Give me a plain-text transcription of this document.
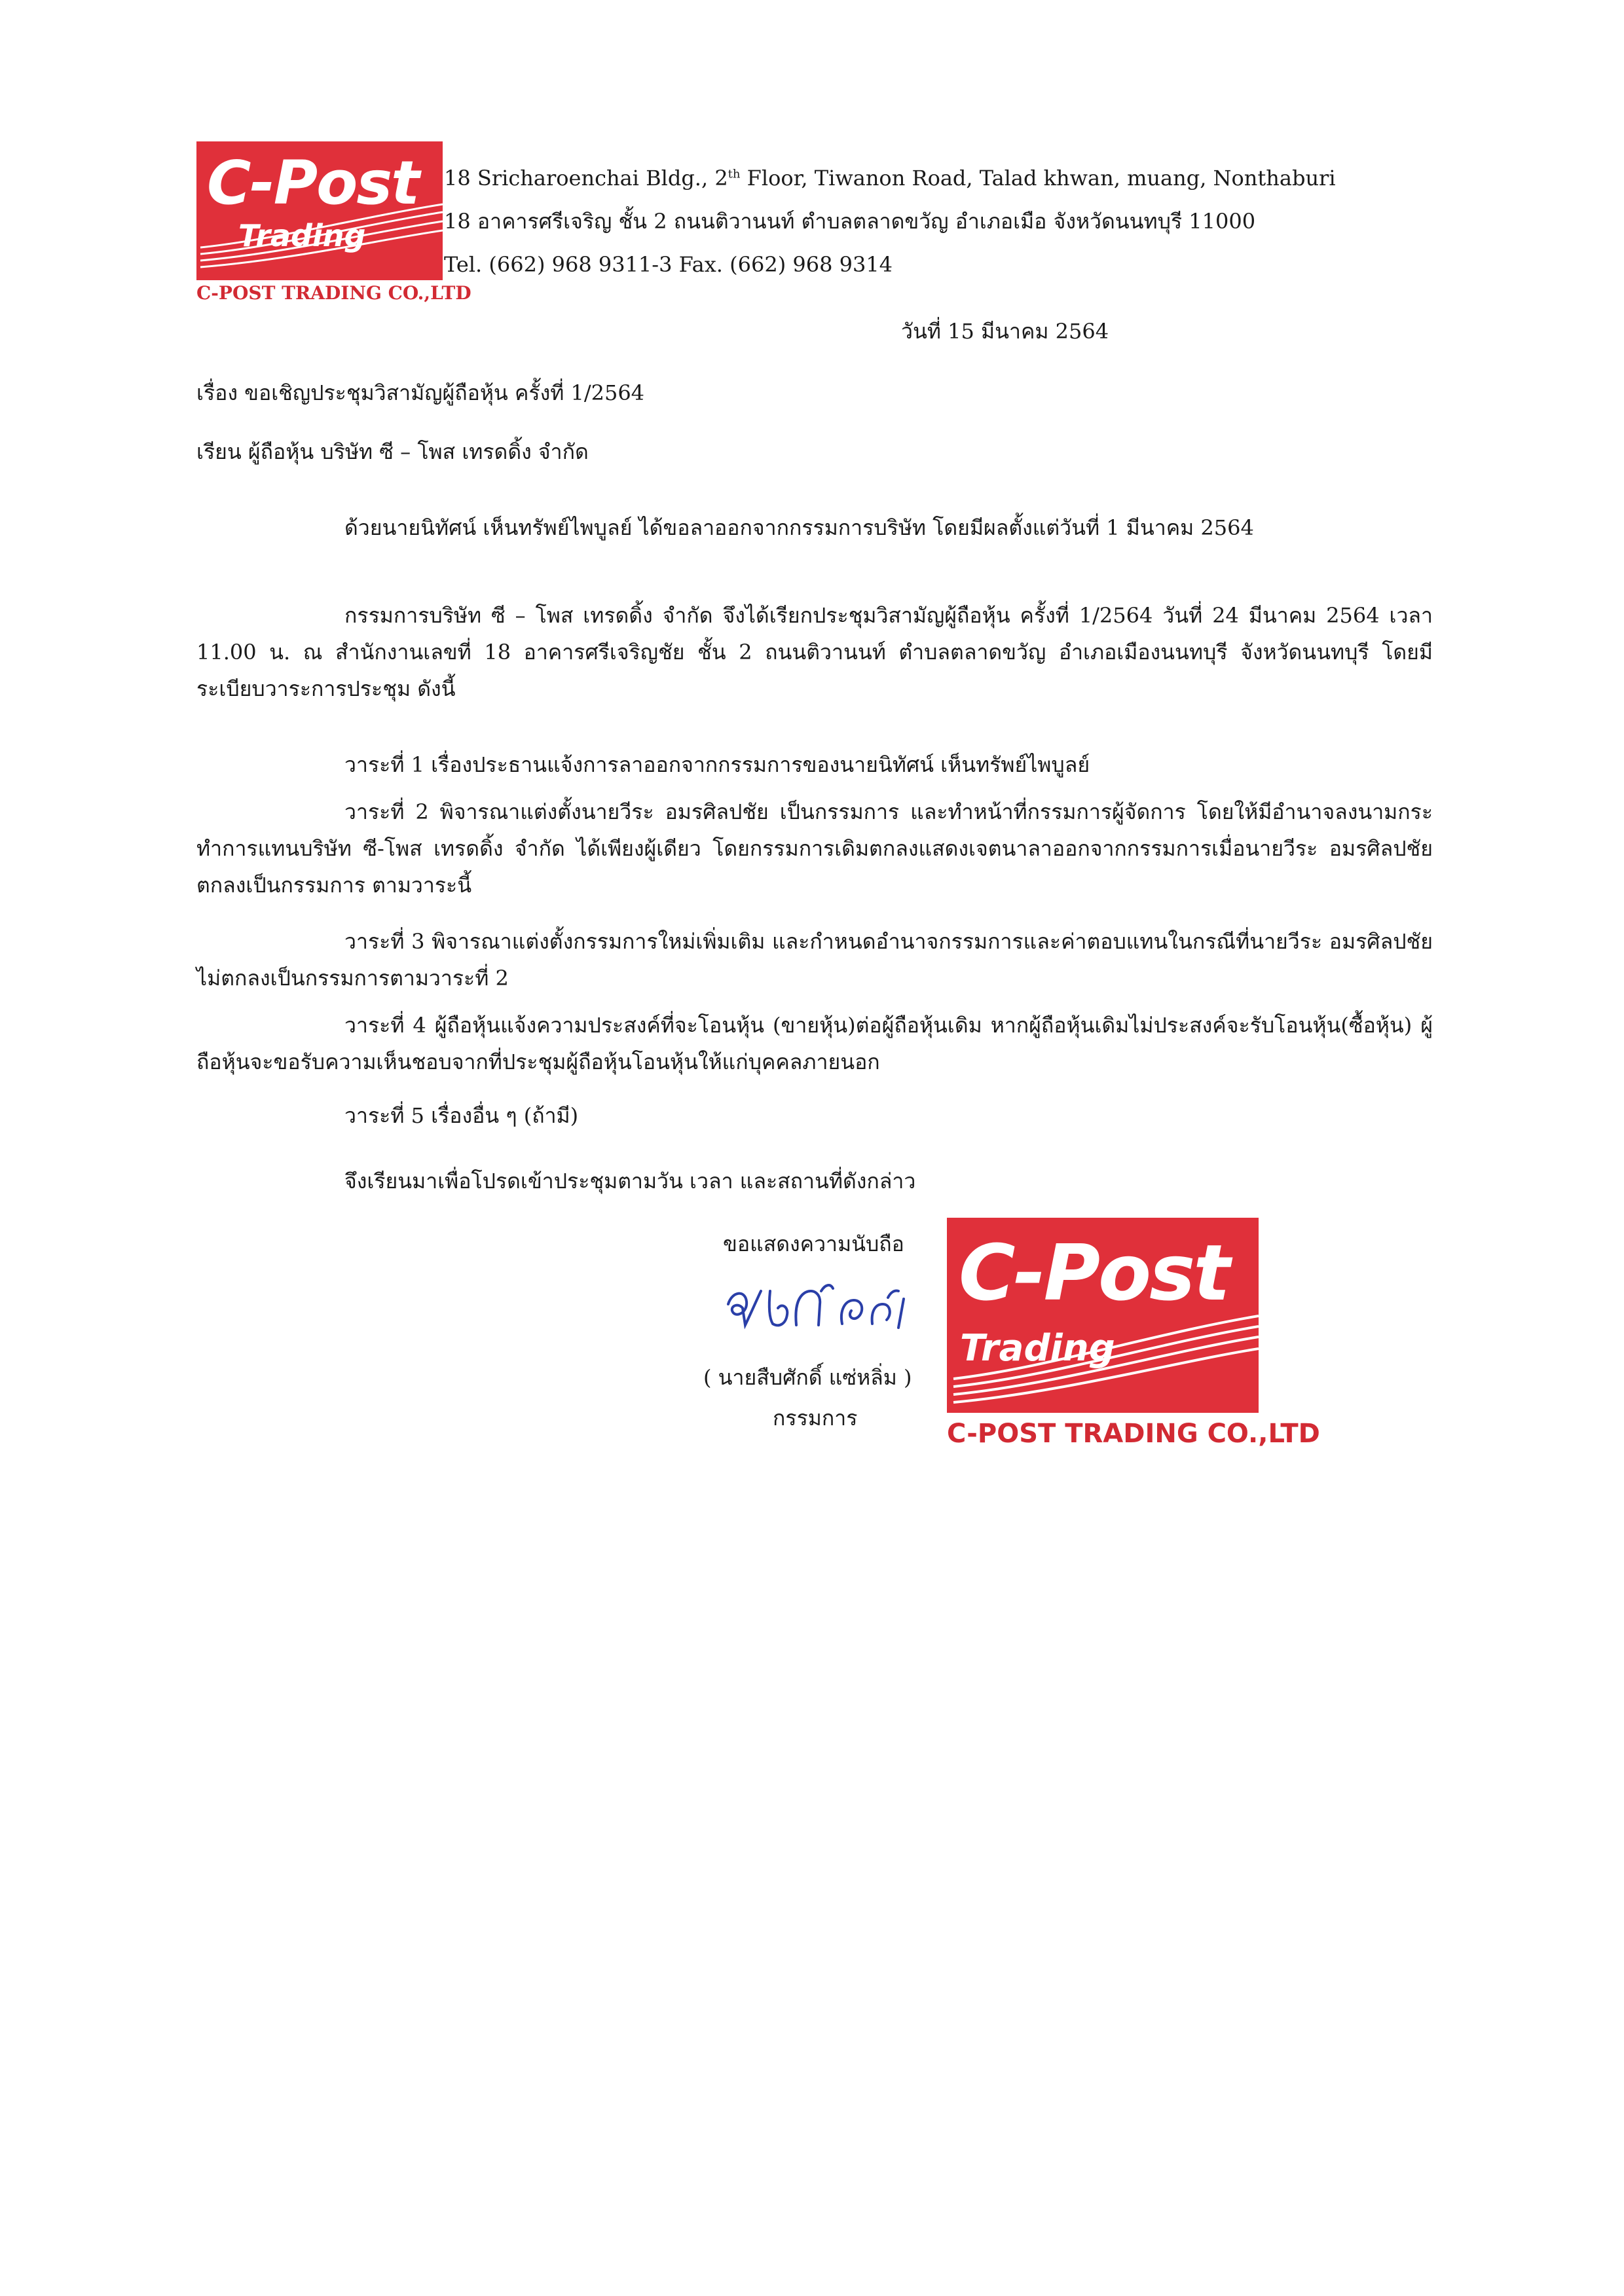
C-Post
Trading
C-POST TRADING CO.,LTD
18 Sricharoenchai Bldg., 2th Floor, Tiwanon Road, Talad khwan, muang, Nonthaburi
18 อาคารศรีเจริญ ชั้น 2 ถนนติวานนท์ ตำบลตลาดขวัญ อำเภอเมือ จังหวัดนนทบุรี 11000
Tel. (662) 968 9311-3 Fax. (662) 968 9314
วันที่ 15 มีนาคม 2564
เรื่อง ขอเชิญประชุมวิสามัญผู้ถือหุ้น ครั้งที่ 1/2564
เรียน ผู้ถือหุ้น บริษัท ซี – โพส เทรดดิ้ง จำกัด
ด้วยนายนิทัศน์ เห็นทรัพย์ไพบูลย์ ได้ขอลาออกจากกรรมการบริษัท โดยมีผลตั้งแต่วันที่ 1 มีนาคม 2564
กรรมการบริษัท ซี – โพส เทรดดิ้ง จำกัด จึงได้เรียกประชุมวิสามัญผู้ถือหุ้น ครั้งที่ 1/2564 วันที่ 24 มีนาคม 2564 เวลา 11.00 น. ณ สำนักงานเลขที่ 18 อาคารศรีเจริญชัย ชั้น 2 ถนนติวานนท์ ตำบลตลาดขวัญ อำเภอเมืองนนทบุรี จังหวัดนนทบุรี โดยมีระเบียบวาระการประชุม ดังนี้
วาระที่ 1 เรื่องประธานแจ้งการลาออกจากกรรมการของนายนิทัศน์ เห็นทรัพย์ไพบูลย์
วาระที่ 2 พิจารณาแต่งตั้งนายวีระ อมรศิลปชัย เป็นกรรมการ และทำหน้าที่กรรมการผู้จัดการ โดยให้มีอำนาจลงนามกระทำการแทนบริษัท ซี-โพส เทรดดิ้ง จำกัด ได้เพียงผู้เดียว โดยกรรมการเดิมตกลงแสดงเจตนาลาออกจากกรรมการเมื่อนายวีระ อมรศิลปชัย ตกลงเป็นกรรมการ ตามวาระนี้
วาระที่ 3 พิจารณาแต่งตั้งกรรมการใหม่เพิ่มเติม และกำหนดอำนาจกรรมการและค่าตอบแทนในกรณีที่นายวีระ อมรศิลปชัย ไม่ตกลงเป็นกรรมการตามวาระที่ 2
วาระที่ 4 ผู้ถือหุ้นแจ้งความประสงค์ที่จะโอนหุ้น (ขายหุ้น)ต่อผู้ถือหุ้นเดิม หากผู้ถือหุ้นเดิมไม่ประสงค์จะรับโอนหุ้น(ซื้อหุ้น) ผู้ถือหุ้นจะขอรับความเห็นชอบจากที่ประชุมผู้ถือหุ้นโอนหุ้นให้แก่บุคคลภายนอก
วาระที่ 5 เรื่องอื่น ๆ (ถ้ามี)
จึงเรียนมาเพื่อโปรดเข้าประชุมตามวัน เวลา และสถานที่ดังกล่าว
ขอแสดงความนับถือ
( นายสืบศักดิ์ แซ่หลิ่ม )
กรรมการ
C-Post
Trading
C-POST TRADING CO.,LTD
